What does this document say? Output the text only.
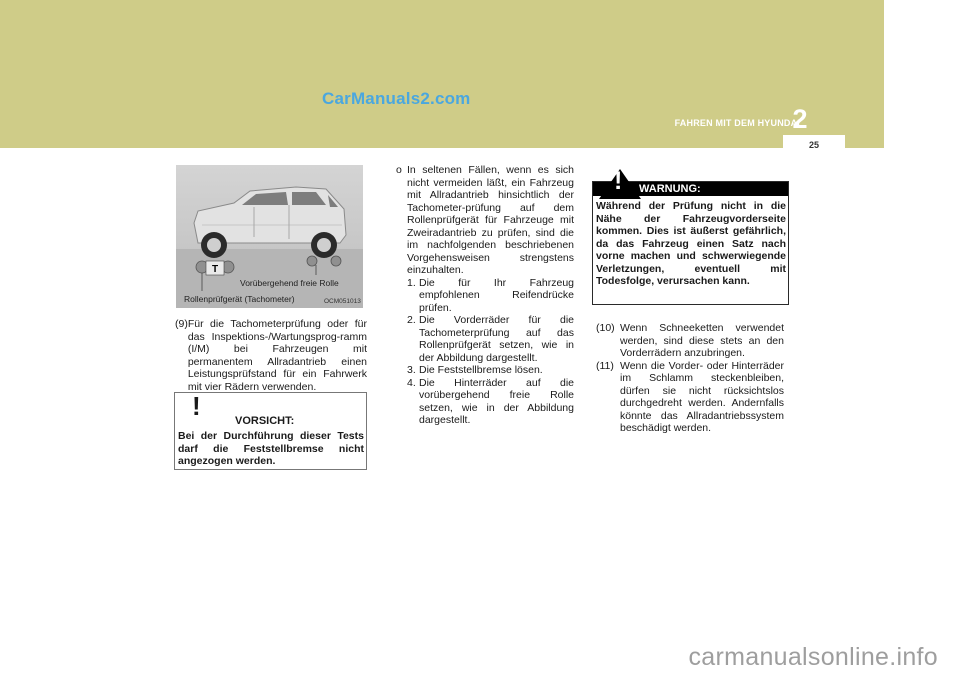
CarManuals2.com
FAHREN MIT DEM HYUNDAI
2
25
T
Vorübergehend freie Rolle
Rollenprüfgerät (Tachometer)	OCM051013
(9) Für die Tachometerprüfung oder für das Inspektions-/Wartungsprog-ramm (I/M) bei Fahrzeugen mit permanentem Allradantrieb einen Leistungsprüfstand für ein Fahrwerk mit vier Rädern verwenden.
!	VORSICHT:
Bei der Durchführung dieser Tests darf die Feststellbremse nicht angezogen werden.
o In seltenen Fällen, wenn es sich nicht vermeiden läßt, ein Fahrzeug mit Allradantrieb hinsichtlich der Tachometer-prüfung auf dem Rollenprüfgerät für Fahrzeuge mit Zweiradantrieb zu prüfen, sind die im nachfolgenden beschriebenen Vorgehensweisen strengstens einzuhalten.
1. Die für Ihr Fahrzeug empfohlenen Reifendrücke prüfen.
2. Die Vorderräder für die Tachometerprüfung auf das Rollenprüfgerät setzen, wie in der Abbildung dargestellt.
3. Die Feststellbremse lösen.
4. Die Hinterräder auf die vorübergehend freie Rolle setzen, wie in der Abbildung dargestellt.
WARNUNG:
Während der Prüfung nicht in die Nähe der Fahrzeugvorderseite kommen. Dies ist äußerst gefährlich, da das Fahrzeug einen Satz nach vorne machen und schwerwiegende Verletzungen, eventuell mit Todesfolge, verursachen kann.
!
(10) Wenn Schneeketten verwendet werden, sind diese stets an den Vorderrädern anzubringen.
(11) Wenn die Vorder- oder Hinterräder im Schlamm steckenbleiben, dürfen sie nicht rücksichtslos durchgedreht werden. Andernfalls könnte das Allradantriebssystem beschädigt werden.
carmanualsonline.info
